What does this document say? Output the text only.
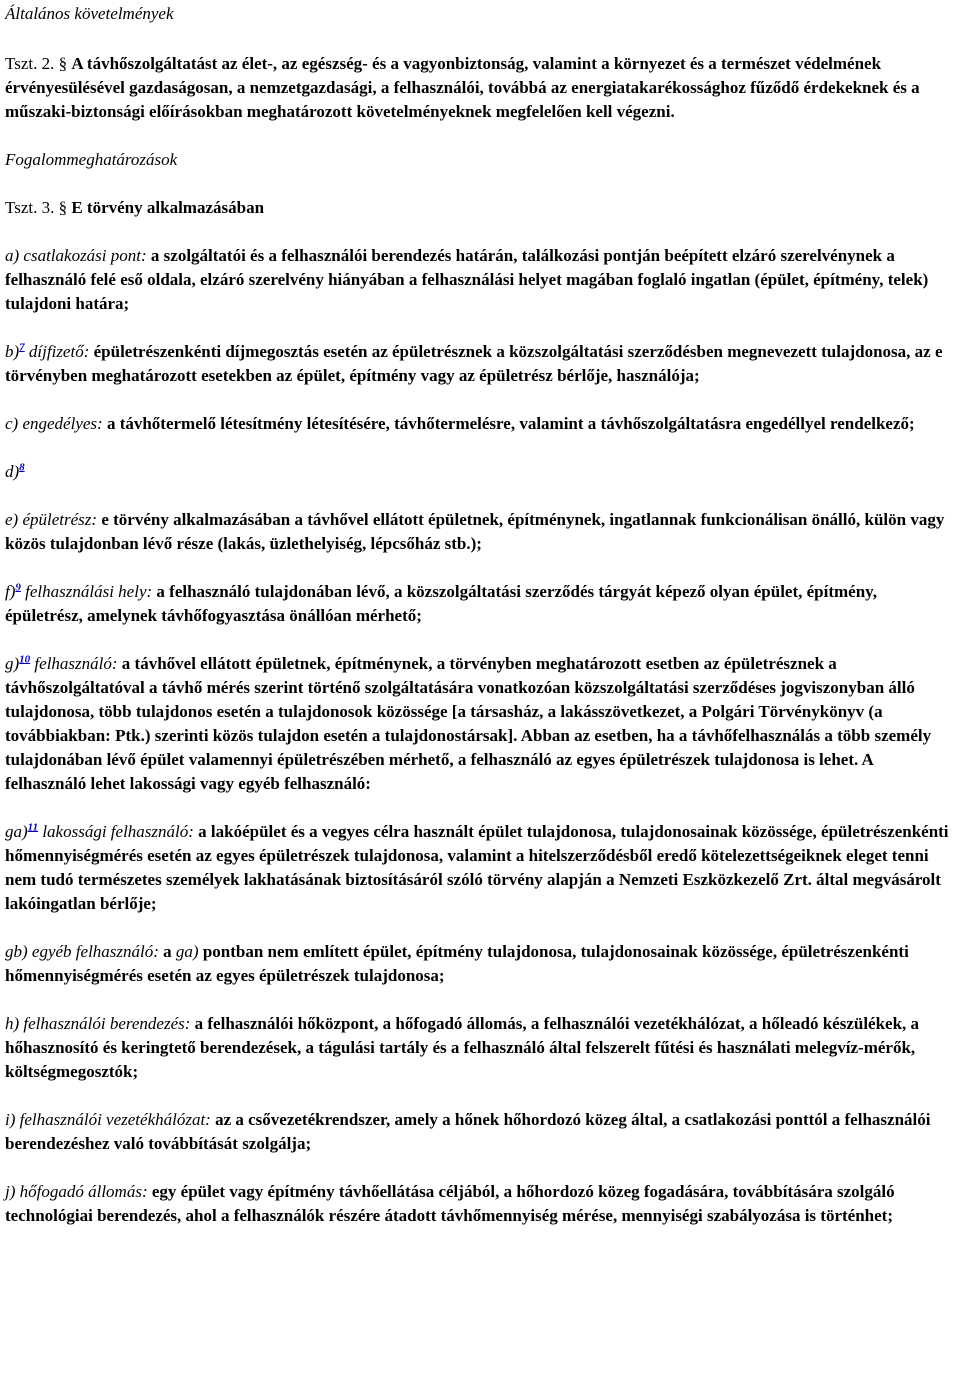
Általános követelmények

Tszt. 2. § A távhőszolgáltatást az élet-, az egészség- és a vagyonbiztonság, valamint a környezet és a természet védelmének érvényesülésével gazdaságosan, a nemzetgazdasági, a felhasználói, továbbá az energiatakarékossághoz fűződő érdekeknek és a műszaki-biztonsági előírásokban meghatározott követelményeknek megfelelően kell végezni.

Fogalommeghatározások

Tszt. 3. § E törvény alkalmazásában

a) csatlakozási pont: a szolgáltatói és a felhasználói berendezés határán, találkozási pontján beépített elzáró szerelvénynek a felhasználó felé eső oldala, elzáró szerelvény hiányában a felhasználási helyet magában foglaló ingatlan (épület, építmény, telek) tulajdoni határa;

b)$^7$ díjfizető: épületrészenkénti díjmegosztás esetén az épületrésznek a közszolgáltatási szerződésben megnevezett tulajdonosa, az e törvényben meghatározott esetekben az épület, építmény vagy az épületrész bérlője, használója;

c) engedélyes: a távhőtermelő létesítmény létesítésére, távhőtermelésre, valamint a távhőszolgáltatásra engedéllyel rendelkező;

d)$^8$

e) épületrész: e törvény alkalmazásában a távhővel ellátott épületnek, építménynek, ingatlannak funkcionálisan önálló, külön vagy közös tulajdonban lévő része (lakás, üzlethelyiség, lépcsőház stb.);

f)$^9$ felhasználási hely: a felhasználó tulajdonában lévő, a közszolgáltatási szerződés tárgyát képező olyan épület, építmény, épületrész, amelynek távhőfogyasztása önállóan mérhető;

g)$^{10}$ felhasználó: a távhővel ellátott épületnek, építménynek, a törvényben meghatározott esetben az épületrésznek a távhőszolgáltatóval a távhő mérés szerint történő szolgáltatására vonatkozóan közszolgáltatási szerződéses jogviszonyban álló tulajdonosa, több tulajdonos esetén a tulajdonosok közössége [a társasház, a lakásszövetkezet, a Polgári Törvénykönyv (a továbbiakban: Ptk.) szerinti közös tulajdon esetén a tulajdonostársak]. Abban az esetben, ha a távhőfelhasználás a több személy tulajdonában lévő épület valamennyi épületrészében mérhető, a felhasználó az egyes épületrészek tulajdonosa is lehet. A felhasználó lehet lakossági vagy egyéb felhasználó:

ga)$^{11}$ lakossági felhasználó: a lakóépület és a vegyes célra használt épület tulajdonosa, tulajdonosainak közössége, épületrészenkénti hőmennyiségmérés esetén az egyes épületrészek tulajdonosa, valamint a hitelszerződésből eredő kötelezettségeiknek eleget tenni nem tudó természetes személyek lakhatásának biztosításáról szóló törvény alapján a Nemzeti Eszközkezelő Zrt. által megvásárolt lakóingatlan bérlője;

gb) egyéb felhasználó: a ga) pontban nem említett épület, építmény tulajdonosa, tulajdonosainak közössége, épületrészenkénti hőmennyiségmérés esetén az egyes épületrészek tulajdonosa;

h) felhasználói berendezés: a felhasználói hőközpont, a hőfogadó állomás, a felhasználói vezetékhálózat, a hőleadó készülékek, a hőhasznosító és keringtető berendezések, a tágulási tartály és a felhasználó által felszerelt fűtési és használati melegvíz-mérők, költségmegosztók;

i) felhasználói vezetékhálózat: az a csővezetékrendszer, amely a hőnek hőhordozó közeg által, a csatlakozási ponttól a felhasználói berendezéshez való továbbítását szolgálja;

j) hőfogadó állomás: egy épület vagy építmény távhőellátása céljából, a hőhordozó közeg fogadására, továbbítására szolgáló technológiai berendezés, ahol a felhasználók részére átadott távhőmennyiség mérése, mennyiségi szabályozása is történhet;
